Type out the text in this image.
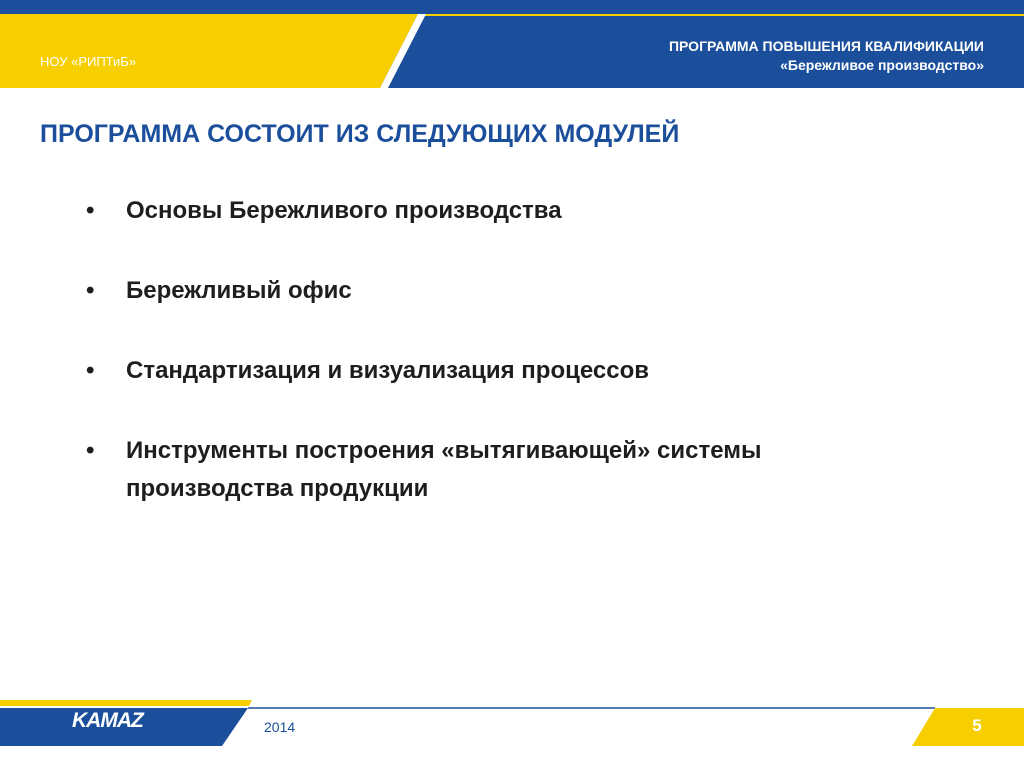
НОУ «РИПТиБ»
ПРОГРАММА ПОВЫШЕНИЯ КВАЛИФИКАЦИИ
«Бережливое производство»
ПРОГРАММА СОСТОИТ ИЗ СЛЕДУЮЩИХ МОДУЛЕЙ
•	Основы Бережливого производства
•	Бережливый офис
•	Стандартизация и визуализация процессов
•	Инструменты построения «вытягивающей» системы производства продукции
KAMAZ	2014	5
